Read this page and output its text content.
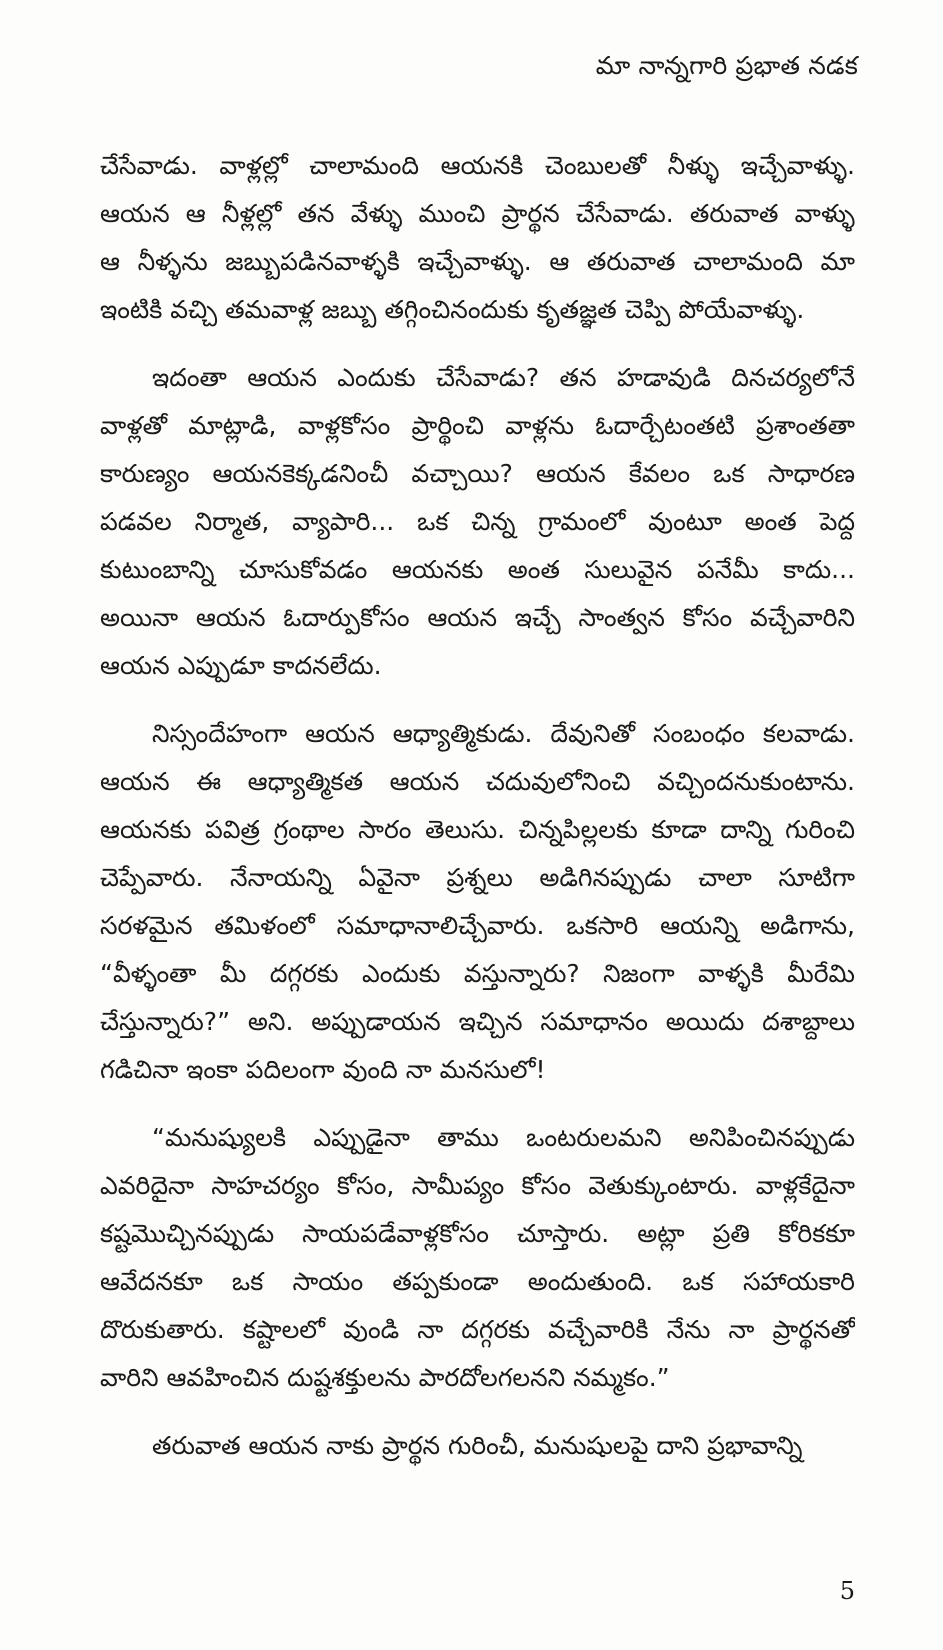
మా నాన్నగారి ప్రభాత నడక
చేసేవాడు. వాళ్లల్లో చాలామంది ఆయనకి చెంబులతో నీళ్ళు ఇచ్చేవాళ్ళు.
ఆయన ఆ నీళ్లల్లో తన వేళ్ళు ముంచి ప్రార్థన చేసేవాడు. తరువాత వాళ్ళు
ఆ నీళ్ళను జబ్బుపడినవాళ్ళకి ఇచ్చేవాళ్ళు. ఆ తరువాత చాలామంది మా
ఇంటికి వచ్చి తమవాళ్ల జబ్బు తగ్గించినందుకు కృతజ్ఞత చెప్పి పోయేవాళ్ళు.
ఇదంతా ఆయన ఎందుకు చేసేవాడు? తన హడావుడి దినచర్యలోనే
వాళ్లతో మాట్లాడి, వాళ్లకోసం ప్రార్థించి వాళ్లను ఓదార్చేటంతటి ప్రశాంతతా
కారుణ్యం ఆయనకెక్కడనించీ వచ్చాయి? ఆయన కేవలం ఒక సాధారణ
పడవల నిర్మాత, వ్యాపారి... ఒక చిన్న గ్రామంలో వుంటూ అంత పెద్ద
కుటుంబాన్ని చూసుకోవడం ఆయనకు అంత సులువైన పనేమీ కాదు...
అయినా ఆయన ఓదార్పుకోసం ఆయన ఇచ్చే సాంత్వన కోసం వచ్చేవారిని
ఆయన ఎప్పుడూ కాదనలేదు.
నిస్సందేహంగా ఆయన ఆధ్యాత్మికుడు. దేవునితో సంబంధం కలవాడు.
ఆయన ఈ ఆధ్యాత్మికత ఆయన చదువులోనించి వచ్చిందనుకుంటాను.
ఆయనకు పవిత్ర గ్రంథాల సారం తెలుసు. చిన్నపిల్లలకు కూడా దాన్ని గురించి
చెప్పేవారు. నేనాయన్ని ఏవైనా ప్రశ్నలు అడిగినప్పుడు చాలా సూటిగా
సరళమైన తమిళంలో సమాధానాలిచ్చేవారు. ఒకసారి ఆయన్ని అడిగాను,
“వీళ్ళంతా మీ దగ్గరకు ఎందుకు వస్తున్నారు? నిజంగా వాళ్ళకి మీరేమి
చేస్తున్నారు?” అని. అప్పుడాయన ఇచ్చిన సమాధానం అయిదు దశాబ్దాలు
గడిచినా ఇంకా పదిలంగా వుంది నా మనసులో!
“మనుష్యులకి ఎప్పుడైనా తాము ఒంటరులమని అనిపించినప్పుడు
ఎవరిదైనా సాహచర్యం కోసం, సామీప్యం కోసం వెతుక్కుంటారు. వాళ్లకేదైనా
కష్టమొచ్చినప్పుడు సాయపడేవాళ్లకోసం చూస్తారు. అట్లా ప్రతి కోరికకూ
ఆవేదనకూ ఒక సాయం తప్పకుండా అందుతుంది. ఒక సహాయకారి
దొరుకుతారు. కష్టాలలో వుండి నా దగ్గరకు వచ్చేవారికి నేను నా ప్రార్థనతో
వారిని ఆవహించిన దుష్టశక్తులను పారదోలగలనని నమ్మకం.”
తరువాత ఆయన నాకు ప్రార్థన గురించీ, మనుషులపై దాని ప్రభావాన్ని
5
